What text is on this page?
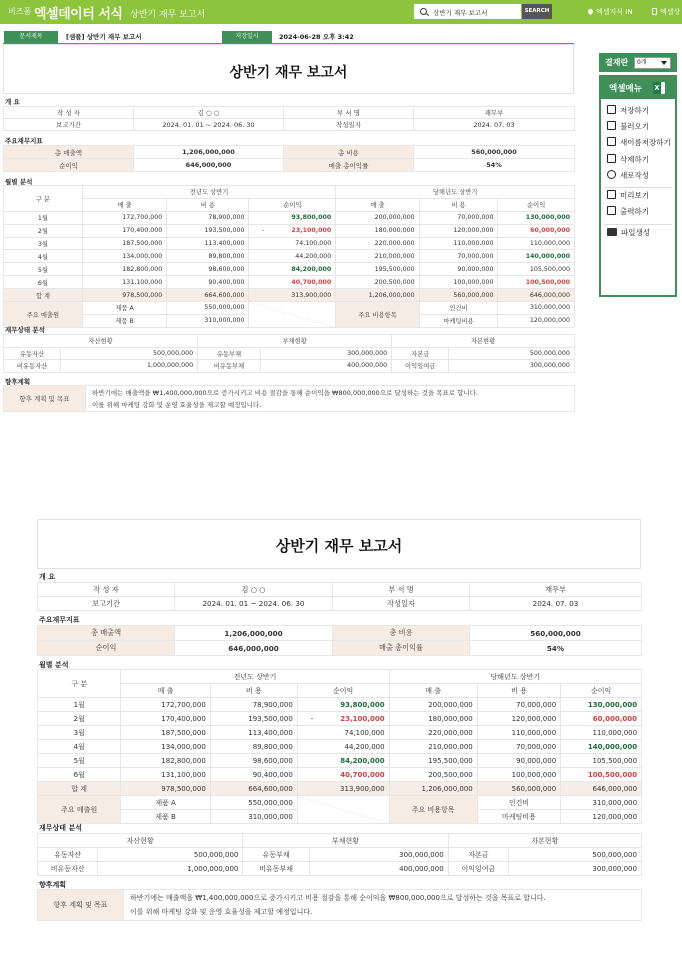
비즈폼 엑셀데이터 서식 상반기 재무 보고서
상반기 재무 보고서	SEARCH	엑셀지식 IN	엑셀상
문서제목	[샘플] 상반기 재무 보고서	저장일시	2024-06-28 오후 3:42
상반기 재무 보고서
개 요
작 성 자	김 ○ ○	부 서 명	재무부
보고기간	2024. 01. 01 ~ 2024. 06. 30	작성일자	2024. 07. 03
주요재무지표
총 매출액	1,206,000,000	총 비용	560,000,000
순이익	646,000,000	매출 총이익률	54%
월별 분석
구 분	전년도 상반기				당해년도 상반기		
	매 출	비 용	순이익		매 출	비 용	순이익
1월	172,700,000	78,900,000		93,800,000	200,000,000	70,000,000	130,000,000
2월	170,400,000	193,500,000	-	23,100,000	180,000,000	120,000,000	60,000,000
3월	187,500,000	113,400,000		74,100,000	220,000,000	110,000,000	110,000,000
4월	134,000,000	89,800,000		44,200,000	210,000,000	70,000,000	140,000,000
5월	182,800,000	98,600,000		84,200,000	195,500,000	90,000,000	105,500,000
6월	131,100,000	90,400,000		40,700,000	200,500,000	100,000,000	100,500,000
합 계	978,500,000	664,600,000	313,900,000		1,206,000,000	560,000,000	646,000,000
주요 매출원	제품 A	550,000,000			주요 비용항목	인건비	310,000,000
	제품 B	310,000,000				마케팅비용	120,000,000
재무상태 분석
자산현황		부채현황		자본현황	
유동자산	500,000,000	유동부채	300,000,000	자본금	500,000,000
비유동자산	1,000,000,000	비유동부채	400,000,000	이익잉여금	300,000,000
향후계획
향후 계획 및 목표	
하반기에는 매출액을 ₩1,400,000,000으로 증가시키고 비용 절감을 통해 순이익을 ₩800,000,000으로 달성하는 것을 목표로 합니다.
이를 위해 마케팅 강화 및 운영 효율성을 제고할 예정입니다.
상반기 재무 보고서
개 요
작 성 자	김 ○ ○	부 서 명	재무부
보고기간	2024. 01. 01 ~ 2024. 06. 30	작성일자	2024. 07. 03
주요재무지표
총 매출액	1,206,000,000	총 비용	560,000,000
순이익	646,000,000	매출 총이익률	54%
월별 분석
구 분	전년도 상반기				당해년도 상반기		
	매 출	비 용	순이익		매 출	비 용	순이익
1월	172,700,000	78,900,000		93,800,000	200,000,000	70,000,000	130,000,000
2월	170,400,000	193,500,000	-	23,100,000	180,000,000	120,000,000	60,000,000
3월	187,500,000	113,400,000		74,100,000	220,000,000	110,000,000	110,000,000
4월	134,000,000	89,800,000		44,200,000	210,000,000	70,000,000	140,000,000
5월	182,800,000	98,600,000		84,200,000	195,500,000	90,000,000	105,500,000
6월	131,100,000	90,400,000		40,700,000	200,500,000	100,000,000	100,500,000
합 계	978,500,000	664,600,000	313,900,000		1,206,000,000	560,000,000	646,000,000
주요 매출원	제품 A	550,000,000			주요 비용항목	인건비	310,000,000
	제품 B	310,000,000				마케팅비용	120,000,000
재무상태 분석
자산현황		부채현황		자본현황	
유동자산	500,000,000	유동부채	300,000,000	자본금	500,000,000
비유동자산	1,000,000,000	비유동부채	400,000,000	이익잉여금	300,000,000
향후계획
향후 계획 및 목표	
하반기에는 매출액을 ₩1,400,000,000으로 증가시키고 비용 절감을 통해 순이익을 ₩800,000,000으로 달성하는 것을 목표로 합니다.
이를 위해 마케팅 강화 및 운영 효율성을 제고할 예정입니다.
결재란	0개
엑셀메뉴
X
저장하기
불러오기
새이름저장하기
삭제하기
새로작성
미리보기
출력하기
파일생성
